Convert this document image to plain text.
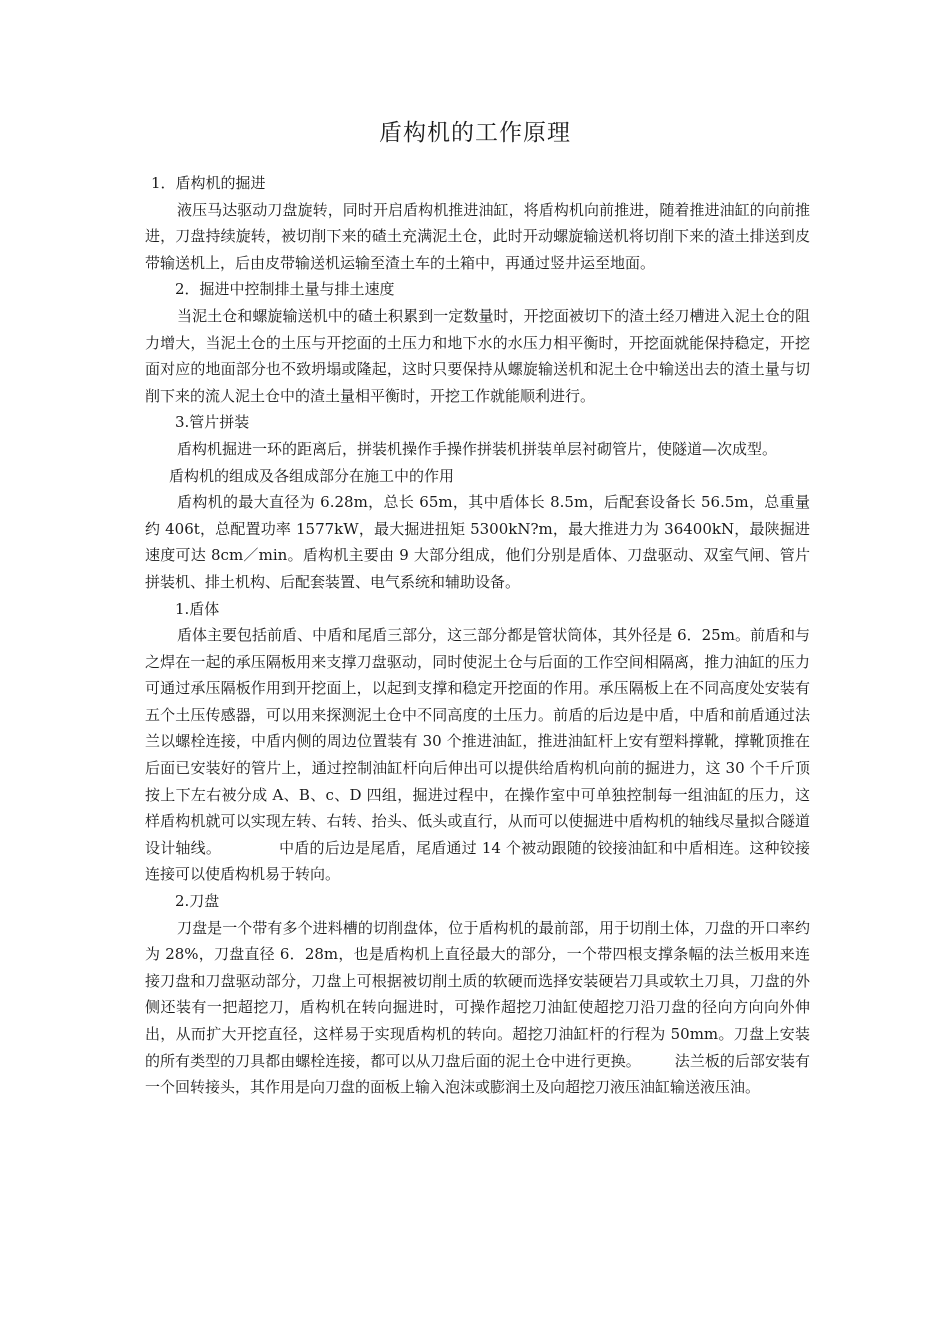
盾构机的工作原理

1．盾构机的掘进

液压马达驱动刀盘旋转，同时开启盾构机推进油缸，将盾构机向前推进，随着推进油缸的向前推进，刀盘持续旋转，被切削下来的碴土充满泥土仓，此时开动螺旋输送机将切削下来的渣土排送到皮带输送机上，后由皮带输送机运输至渣土车的土箱中，再通过竖井运至地面。

2．掘进中控制排土量与排土速度

当泥土仓和螺旋输送机中的碴土积累到一定数量时，开挖面被切下的渣土经刀槽进入泥土仓的阻力增大，当泥土仓的土压与开挖面的土压力和地下水的水压力相平衡时，开挖面就能保持稳定，开挖面对应的地面部分也不致坍塌或隆起，这时只要保持从螺旋输送机和泥土仓中输送出去的渣土量与切削下来的流人泥土仓中的渣土量相平衡时，开挖工作就能顺利进行。

3.管片拼装

盾构机掘进一环的距离后，拼装机操作手操作拼装机拼装单层衬砌管片，使隧道—次成型。

盾构机的组成及各组成部分在施工中的作用

盾构机的最大直径为 6.28m，总长 65m，其中盾体长 8.5m，后配套设备长 56.5m，总重量约 406t，总配置功率 1577kW，最大掘进扭矩 5300kN?m，最大推进力为 36400kN，最陕掘进速度可达 8cm／min。盾构机主要由 9 大部分组成，他们分别是盾体、刀盘驱动、双室气闸、管片拼装机、排土机构、后配套装置、电气系统和辅助设备。

1.盾体

盾体主要包括前盾、中盾和尾盾三部分，这三部分都是管状筒体，其外径是 6．25m。前盾和与之焊在一起的承压隔板用来支撑刀盘驱动，同时使泥土仓与后面的工作空间相隔离，推力油缸的压力可通过承压隔板作用到开挖面上，以起到支撑和稳定开挖面的作用。承压隔板上在不同高度处安装有五个土压传感器，可以用来探测泥土仓中不同高度的土压力。前盾的后边是中盾，中盾和前盾通过法兰以螺栓连接，中盾内侧的周边位置装有 30 个推进油缸，推进油缸杆上安有塑料撑靴，撑靴顶推在后面已安装好的管片上，通过控制油缸杆向后伸出可以提供给盾构机向前的掘进力，这 30 个千斤顶按上下左右被分成 A、B、c、D 四组，掘进过程中，在操作室中可单独控制每一组油缸的压力，这样盾构机就可以实现左转、右转、抬头、低头或直行，从而可以使掘进中盾构机的轴线尽量拟合隧道设计轴线。	中盾的后边是尾盾，尾盾通过 14 个被动跟随的铰接油缸和中盾相连。这种铰接连接可以使盾构机易于转向。

2.刀盘

刀盘是一个带有多个进料槽的切削盘体，位于盾构机的最前部，用于切削土体，刀盘的开口率约为 28%，刀盘直径 6．28m，也是盾构机上直径最大的部分，一个带四根支撑条幅的法兰板用来连接刀盘和刀盘驱动部分，刀盘上可根据被切削土质的软硬而选择安装硬岩刀具或软土刀具，刀盘的外侧还装有一把超挖刀，盾构机在转向掘进时，可操作超挖刀油缸使超挖刀沿刀盘的径向方向向外伸出，从而扩大开挖直径，这样易于实现盾构机的转向。超挖刀油缸杆的行程为 50mm。刀盘上安装的所有类型的刀具都由螺栓连接，都可以从刀盘后面的泥土仓中进行更换。 法兰板的后部安装有一个回转接头，其作用是向刀盘的面板上输入泡沫或膨润土及向超挖刀液压油缸输送液压油。
